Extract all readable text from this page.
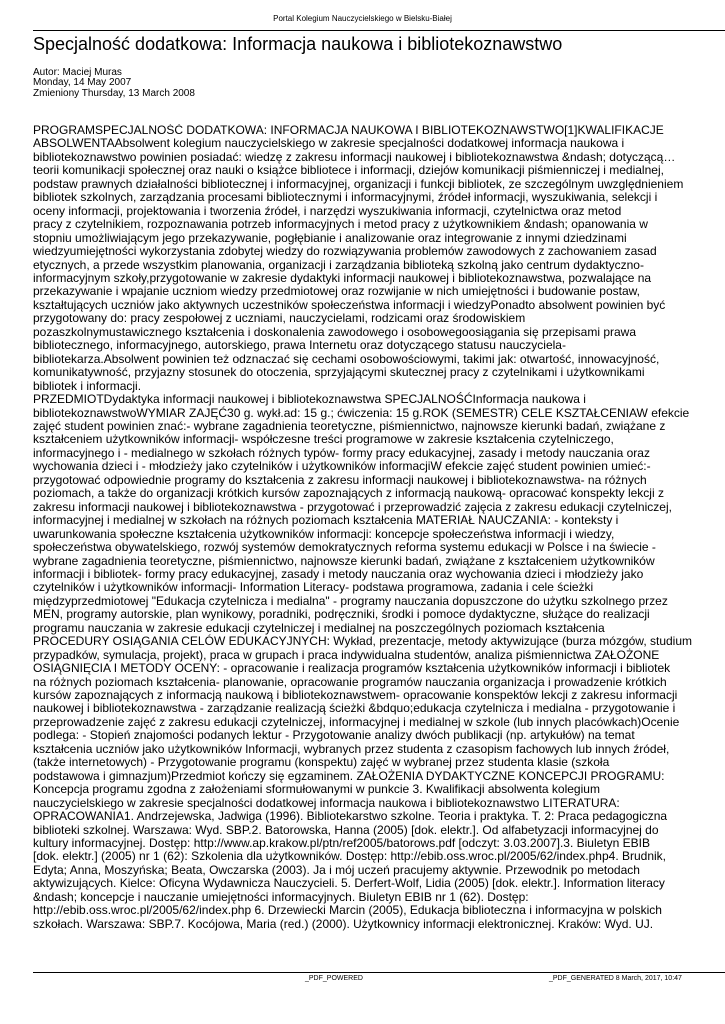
Portal Kolegium Nauczycielskiego w Bielsku-Białej
Specjalność dodatkowa: Informacja naukowa i bibliotekoznawstwo
Autor: Maciej Muras
Monday, 14 May 2007
Zmieniony Thursday, 13 March 2008

PROGRAMSPECJALNOŚĆ DODATKOWA: INFORMACJA NAUKOWA I BIBLIOTEKOZNAWSTWO[1]KWALIFIKACJE

ABSOLWENTAAbsolwent kolegium nauczycielskiego w zakresie specjalności dodatkowej informacja naukowa i

bibliotekoznawstwo powinien posiadać: wiedzę z zakresu informacji naukowej i bibliotekoznawstwa &ndash; dotyczącą…

teorii komunikacji społecznej oraz nauki o książce bibliotece i informacji, dziejów komunikacji piśmienniczej i medialnej,

podstaw prawnych działalności bibliotecznej i informacyjnej, organizacji i funkcji bibliotek, ze szczególnym uwzględnieniem

bibliotek szkolnych, zarządzania procesami bibliotecznymi i informacyjnymi, źródeł informacji, wyszukiwania, selekcji i

oceny informacji, projektowania i tworzenia źródeł, i narzędzi wyszukiwania informacji, czytelnictwa oraz metod

pracy z czytelnikiem, rozpoznawania potrzeb informacyjnych i metod pracy z użytkownikiem &ndash; opanowania w

stopniu umożliwiającym jego przekazywanie, pogłębianie i analizowanie oraz integrowanie z innymi dziedzinami

wiedzyumiejętności wykorzystania zdobytej wiedzy do rozwiązywania problemów zawodowych z zachowaniem zasad

etycznych, a przede wszystkim planowania, organizacji i zarządzania biblioteką szkolną jako centrum dydaktyczno-

informacyjnym szkoły,przygotowanie w zakresie dydaktyki informacji naukowej i bibliotekoznawstwa, pozwalające na

przekazywanie i wpajanie uczniom wiedzy przedmiotowej oraz rozwijanie w nich umiejętności i budowanie postaw,

kształtujących uczniów jako aktywnych uczestników społeczeństwa informacji i wiedzyPonadto absolwent powinien być

przygotowany do: pracy zespołowej z uczniami, nauczycielami, rodzicami oraz środowiskiem

pozaszkolnymustawicznego kształcenia i doskonalenia zawodowego i osobowegoosiągania się przepisami prawa

bibliotecznego, informacyjnego, autorskiego, prawa Internetu oraz dotyczącego statusu nauczyciela-

bibliotekarza.Absolwent powinien też odznaczać się cechami osobowościowymi, takimi jak: otwartość, innowacyjność,

komunikatywność, przyjazny stosunek do otoczenia, sprzyjającymi skutecznej pracy z czytelnikami i użytkownikami

bibliotek i informacji.

PRZEDMIOTDydaktyka informacji naukowej i bibliotekoznawstwa SPECJALNOŚĆInformacja naukowa i

bibliotekoznawstwoWYMIAR ZAJĘĆ30 g. wykł.ad: 15 g.; ćwiczenia: 15 g.ROK (SEMESTR) CELE KSZTAŁCENIAW efekcie

zajęć student powinien znać:- wybrane zagadnienia teoretyczne, piśmiennictwo, najnowsze kierunki badań, zwiążane z

kształceniem użytkowników informacji- współczesne treści programowe w zakresie kształcenia czytelniczego,

informacyjnego i - medialnego w szkołach różnych typów- formy pracy edukacyjnej, zasady i metody nauczania oraz

wychowania dzieci i - młodzieży jako czytelników i użytkowników informacjiW efekcie zajęć student powinien umieć:-

przygotować odpowiednie programy do kształcenia z zakresu informacji naukowej i bibliotekoznawstwa- na różnych

poziomach, a także do organizacji krótkich kursów zapoznających z informacją naukową- opracować konspekty lekcji z

zakresu informacji naukowej i bibliotekoznawstwa - przygotować i przeprowadzić zajęcia z zakresu edukacji czytelniczej,

informacyjnej i medialnej w szkołach na różnych poziomach kształcenia MATERIAŁ NAUCZANIA: - konteksty i

uwarunkowania społeczne kształcenia użytkowników informacji: koncepcje społeczeństwa informacji i wiedzy,

społeczeństwa obywatelskiego, rozwój systemów demokratycznych reforma systemu edukacji w Polsce i na świecie -

wybrane zagadnienia teoretyczne, piśmiennictwo, najnowsze kierunki badań, zwiążane z kształceniem użytkowników

informacji i bibliotek- formy pracy edukacyjnej, zasady i metody nauczania oraz wychowania dzieci i młodzieży jako

czytelników i użytkowników informacji- Information Literacy- podstawa programowa, zadania i cele ścieżki

międzyprzedmiotowej "Edukacja czytelnicza i medialna" - programy nauczania dopuszczone do użytku szkolnego przez

MEN, programy autorskie, plan wynikowy, poradniki, podręczniki, środki i pomoce dydaktyczne, służące do realizacji

programu nauczania w zakresie edukacji czytelniczej i medialnej na poszczególnych poziomach kształcenia

PROCEDURY OSIĄGANIA CELÓW EDUKACYJNYCH: Wykład, prezentacje, metody aktywizujące (burza mózgów, studium

przypadków, symulacja, projekt), praca w grupach i praca indywidualna studentów, analiza piśmiennictwa ZAŁOŻONE

OSIĄGNIĘCIA I METODY OCENY: - opracowanie i realizacja programów kształcenia użytkowników informacji i bibliotek

na różnych poziomach kształcenia- planowanie, opracowanie programów nauczania organizacja i prowadzenie krótkich

kursów zapoznających z informacją naukową i bibliotekoznawstwem- opracowanie konspektów lekcji z zakresu informacji

naukowej i bibliotekoznawstwa - zarządzanie realizacją ścieżki &bdquo;edukacja czytelnicza i medialna - przygotowanie i

przeprowadzenie zajęć z zakresu edukacji czytelniczej, informacyjnej i medialnej w szkole (lub innych placówkach)Ocenie

podlega: - Stopień znajomości podanych lektur - Przygotowanie analizy dwóch publikacji (np. artykułów) na temat

kształcenia uczniów jako użytkowników Informacji, wybranych przez studenta z czasopism fachowych lub innych źródeł,

(także internetowych) - Przygotowanie programu (konspektu) zajęć w wybranej przez studenta klasie (szkoła

podstawowa i gimnazjum)Przedmiot kończy się egzaminem. ZAŁOŻENIA DYDAKTYCZNE KONCEPCJI PROGRAMU:

Koncepcja programu zgodna z założeniami sformułowanymi w punkcie 3. Kwalifikacji absolwenta kolegium

nauczycielskiego w zakresie specjalności dodatkowej informacja naukowa i bibliotekoznawstwo LITERATURA:

OPRACOWANIA1. Andrzejewska, Jadwiga (1996). Bibliotekarstwo szkolne. Teoria i praktyka. T. 2: Praca pedagogiczna

biblioteki szkolnej. Warszawa: Wyd. SBP.2. Batorowska, Hanna (2005) [dok. elektr.]. Od alfabetyzacji informacyjnej do

kultury informacyjnej. Dostęp: http://www.ap.krakow.pl/ptn/ref2005/batorows.pdf [odczyt: 3.03.2007].3. Biuletyn EBIB

[dok. elektr.] (2005) nr 1 (62): Szkolenia dla użytkowników. Dostęp: http://ebib.oss.wroc.pl/2005/62/index.php4. Brudnik,

Edyta; Anna, Moszyńska; Beata, Owczarska (2003). Ja i mój uczeń pracujemy aktywnie. Przewodnik po metodach

aktywizujących. Kielce: Oficyna Wydawnicza Nauczycieli. 5. Derfert-Wolf, Lidia (2005) [dok. elektr.]. Information literacy

&ndash; koncepcje i nauczanie umiejętności informacyjnych. Biuletyn EBIB nr 1 (62). Dostęp:

http://ebib.oss.wroc.pl/2005/62/index.php 6. Drzewiecki Marcin (2005), Edukacja biblioteczna i informacyjna w polskich

szkołach. Warszawa: SBP.7. Kocójowa, Maria (red.) (2000). Użytkownicy informacji elektronicznej. Kraków: Wyd. UJ.

_PDF_POWERED	_PDF_GENERATED 8 March, 2017, 10:47
